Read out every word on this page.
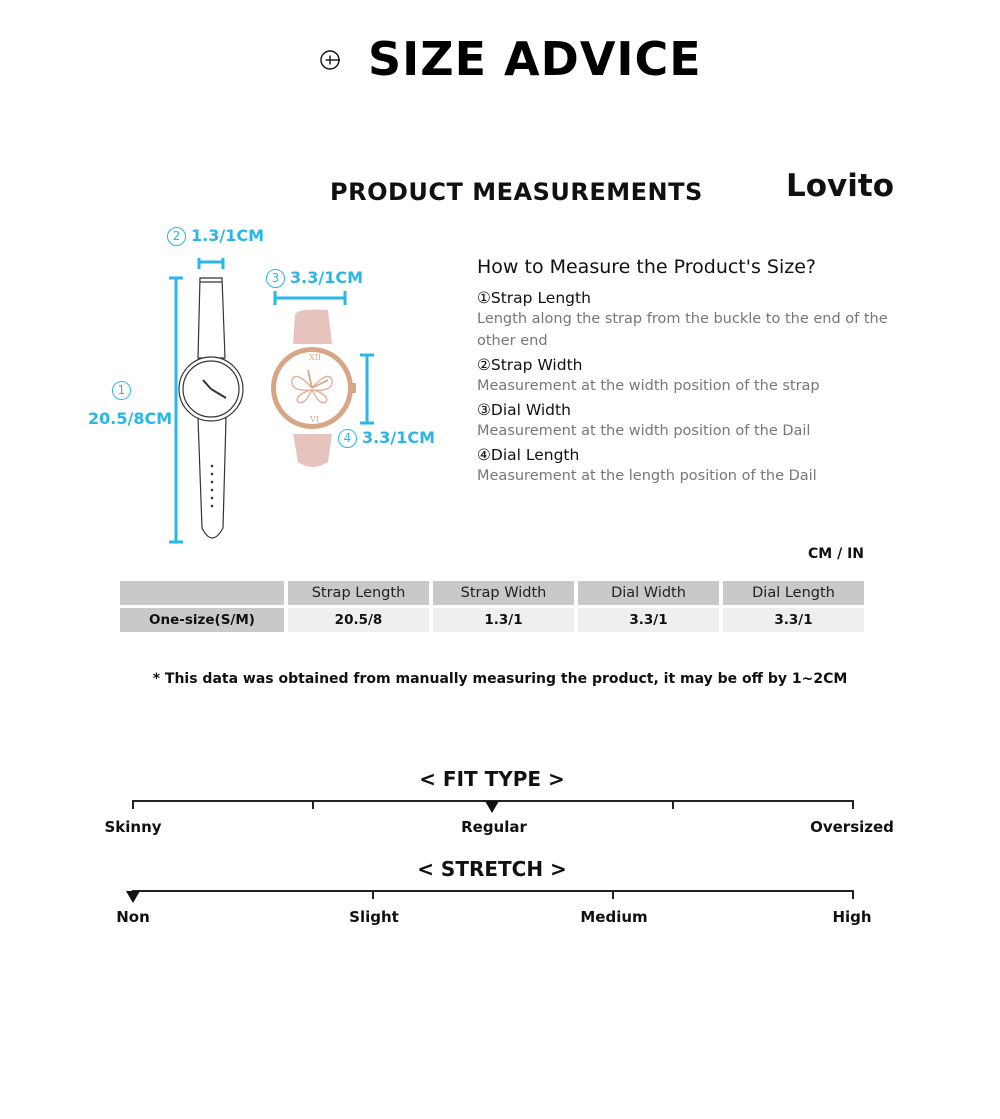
SIZE ADVICE
PRODUCT MEASUREMENTS	Lovito
XII
VI
2 1.3/1CM
3 3.3/1CM
1
20.5/8CM
4 3.3/1CM
How to Measure the Product's Size?
①Strap Length
Length along the strap from the buckle to the end of the other end
②Strap Width
Measurement at the width position of the strap
③Dial Width
Measurement at the width position of the Dail
④Dial Length
Measurement at the length position of the Dail
CM / IN
	Strap Length	Strap Width	Dial Width	Dial Length
One-size(S/M)	20.5/8	1.3/1	3.3/1	3.3/1
* This data was obtained from manually measuring the product, it may be off by 1~2CM
< FIT TYPE >
Skinny	Regular	Oversized
< STRETCH >
Non	Slight	Medium	High
